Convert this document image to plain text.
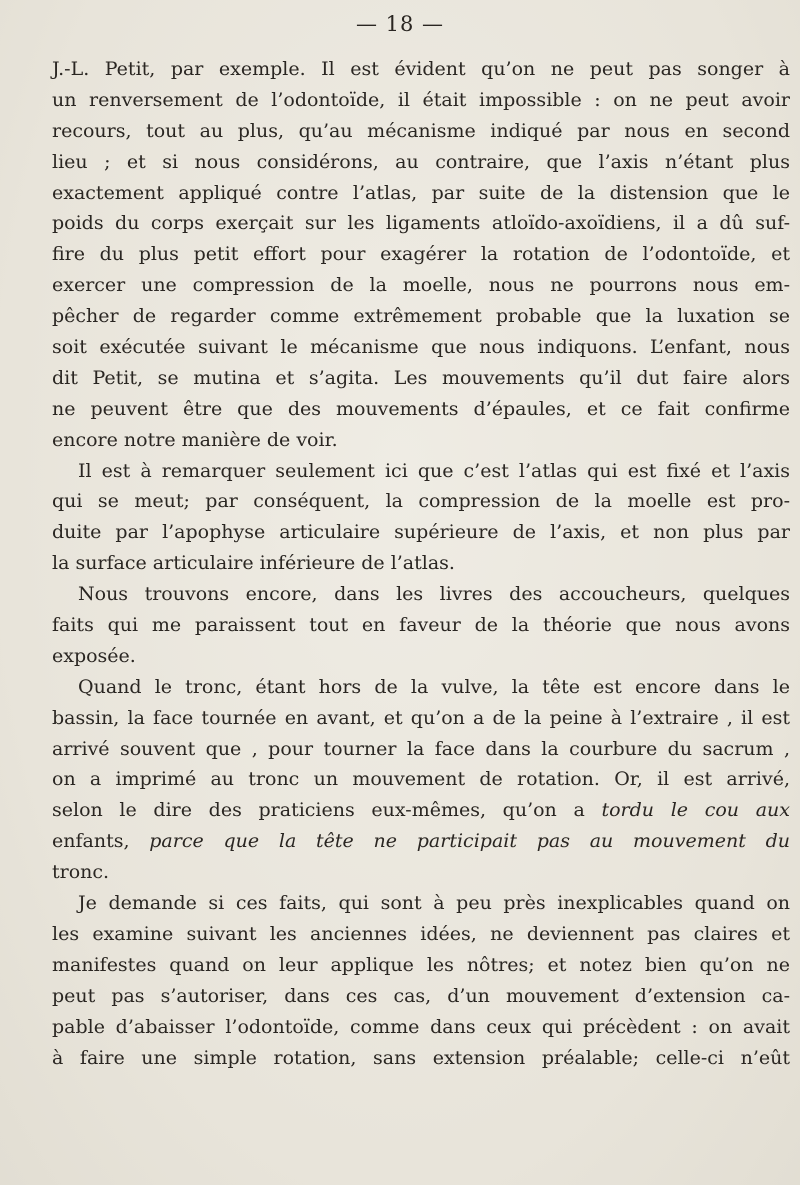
— 18 —
J.-L. Petit, par exemple. Il est évident qu’on ne peut pas songer à
un renversement de l’odontoïde, il était impossible : on ne peut avoir
recours, tout au plus, qu’au mécanisme indiqué par nous en second
lieu ; et si nous considérons, au contraire, que l’axis n’étant plus
exactement appliqué contre l’atlas, par suite de la distension que le
poids du corps exerçait sur les ligaments atloïdo-axoïdiens, il a dû suf-
fire du plus petit effort pour exagérer la rotation de l’odontoïde, et
exercer une compression de la moelle, nous ne pourrons nous em-
pêcher de regarder comme extrêmement probable que la luxation se
soit exécutée suivant le mécanisme que nous indiquons. L’enfant, nous
dit Petit, se mutina et s’agita. Les mouvements qu’il dut faire alors
ne peuvent être que des mouvements d’épaules, et ce fait confirme
encore notre manière de voir.
Il est à remarquer seulement ici que c’est l’atlas qui est fixé et l’axis
qui se meut; par conséquent, la compression de la moelle est pro-
duite par l’apophyse articulaire supérieure de l’axis, et non plus par
la surface articulaire inférieure de l’atlas.
Nous trouvons encore, dans les livres des accoucheurs, quelques
faits qui me paraissent tout en faveur de la théorie que nous avons
exposée.
Quand le tronc, étant hors de la vulve, la tête est encore dans le
bassin, la face tournée en avant, et qu’on a de la peine à l’extraire , il est
arrivé souvent que , pour tourner la face dans la courbure du sacrum ,
on a imprimé au tronc un mouvement de rotation. Or, il est arrivé,
selon le dire des praticiens eux-mêmes, qu’on a tordu le cou aux
enfants, parce que la tête ne participait pas au mouvement du
tronc.
Je demande si ces faits, qui sont à peu près inexplicables quand on
les examine suivant les anciennes idées, ne deviennent pas claires et
manifestes quand on leur applique les nôtres; et notez bien qu’on ne
peut pas s’autoriser, dans ces cas, d’un mouvement d’extension ca-
pable d’abaisser l’odontoïde, comme dans ceux qui précèdent : on avait
à faire une simple rotation, sans extension préalable; celle-ci n’eût
